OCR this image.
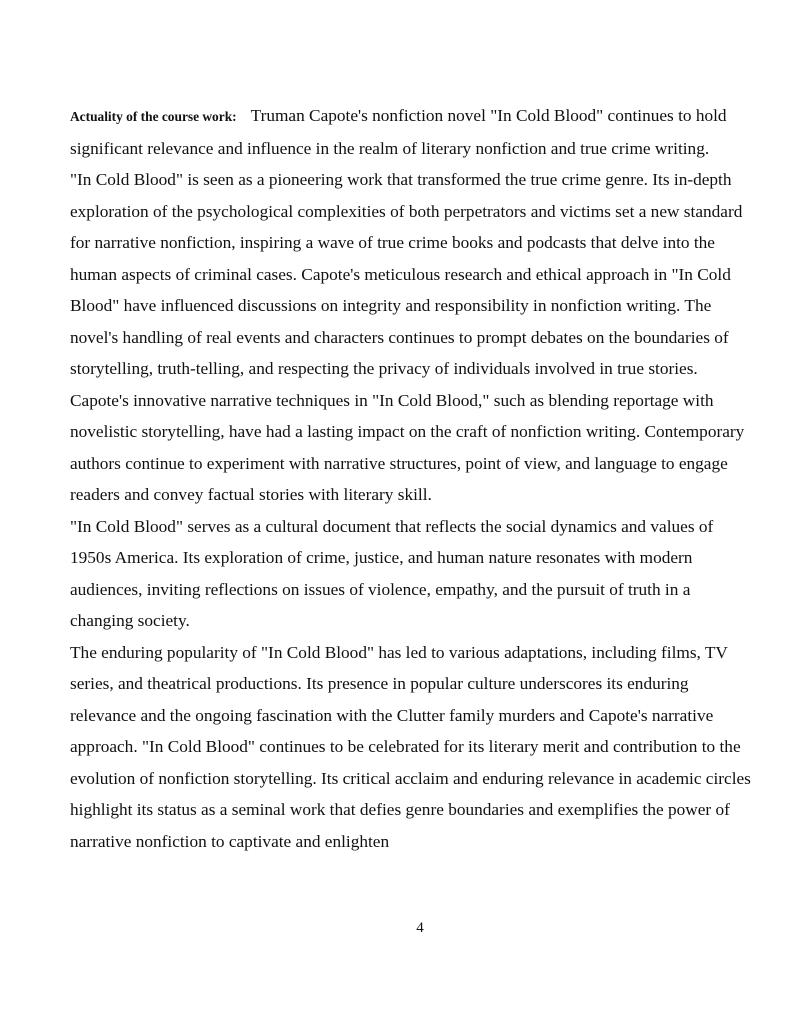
Actuality of the course work: Truman Capote's nonfiction novel "In Cold Blood" continues to hold significant relevance and influence in the realm of literary nonfiction and true crime writing.

"In Cold Blood" is seen as a pioneering work that transformed the true crime genre. Its in-depth exploration of the psychological complexities of both perpetrators and victims set a new standard for narrative nonfiction, inspiring a wave of true crime books and podcasts that delve into the human aspects of criminal cases. Capote's meticulous research and ethical approach in "In Cold Blood" have influenced discussions on integrity and responsibility in nonfiction writing. The novel's handling of real events and characters continues to prompt debates on the boundaries of storytelling, truth-telling, and respecting the privacy of individuals involved in true stories. Capote's innovative narrative techniques in "In Cold Blood," such as blending reportage with novelistic storytelling, have had a lasting impact on the craft of nonfiction writing. Contemporary authors continue to experiment with narrative structures, point of view, and language to engage readers and convey factual stories with literary skill.

"In Cold Blood" serves as a cultural document that reflects the social dynamics and values of 1950s America. Its exploration of crime, justice, and human nature resonates with modern audiences, inviting reflections on issues of violence, empathy, and the pursuit of truth in a changing society.

The enduring popularity of "In Cold Blood" has led to various adaptations, including films, TV series, and theatrical productions. Its presence in popular culture underscores its enduring relevance and the ongoing fascination with the Clutter family murders and Capote's narrative approach. "In Cold Blood" continues to be celebrated for its literary merit and contribution to the evolution of nonfiction storytelling. Its critical acclaim and enduring relevance in academic circles highlight its status as a seminal work that defies genre boundaries and exemplifies the power of narrative nonfiction to captivate and enlighten

4
